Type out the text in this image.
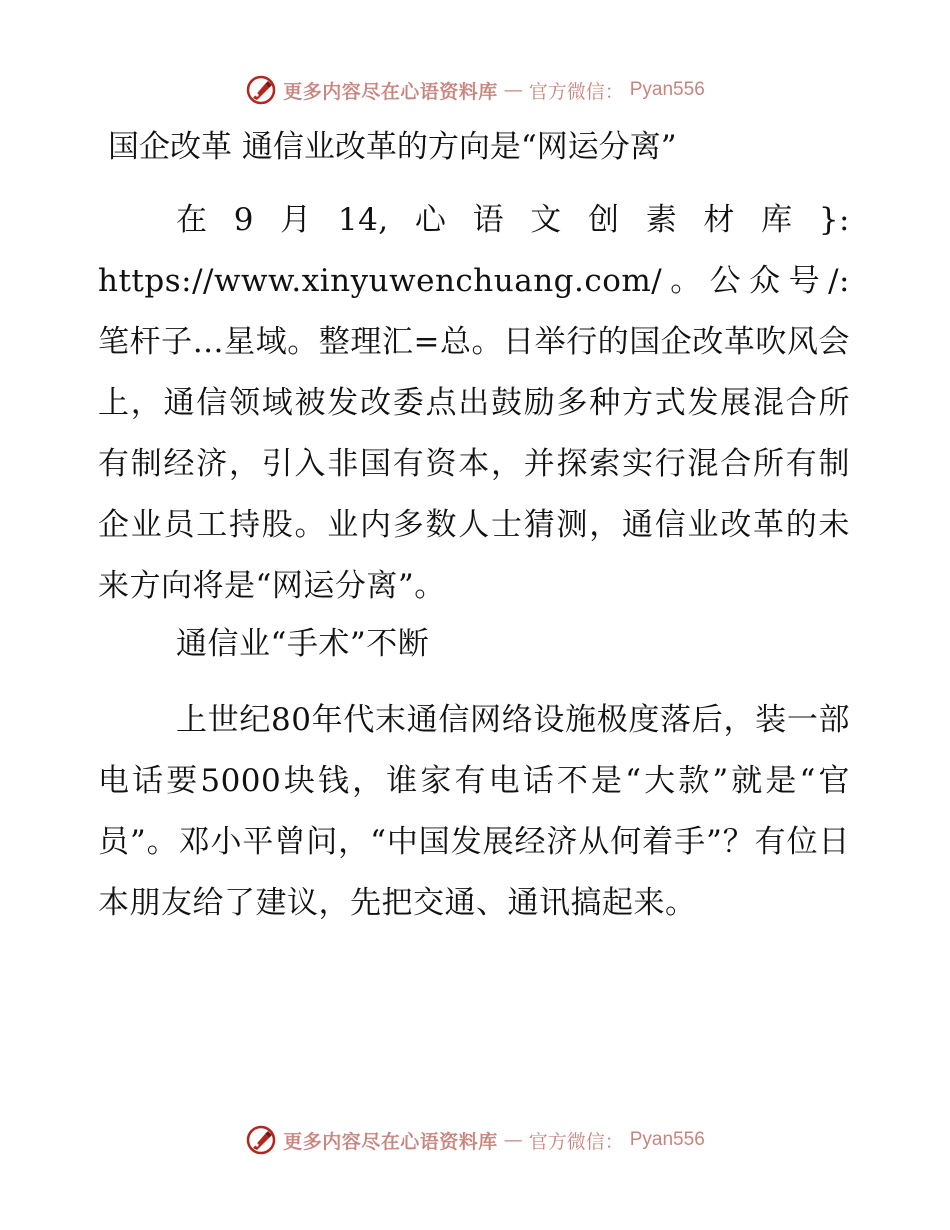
更多内容尽在心语资料库 — 官方微信： Pyan556
国企改革 通信业改革的方向是“网运分离”

在9月14,心语文创素材库}: https://www.xinyuwenchuang.com/。公众号/: 笔杆子…星域。整理汇=总。日举行的国企改革吹风会上，通信领域被发改委点出鼓励多种方式发展混合所有制经济，引入非国有资本，并探索实行混合所有制企业员工持股。业内多数人士猜测，通信业改革的未来方向将是“网运分离”。

通信业“手术”不断

上世纪80年代末通信网络设施极度落后，装一部电话要5000块钱，谁家有电话不是“大款”就是“官员”。邓小平曾问，“中国发展经济从何着手”？有位日本朋友给了建议，先把交通、通讯搞起来。

更多内容尽在心语资料库 — 官方微信： Pyan556
